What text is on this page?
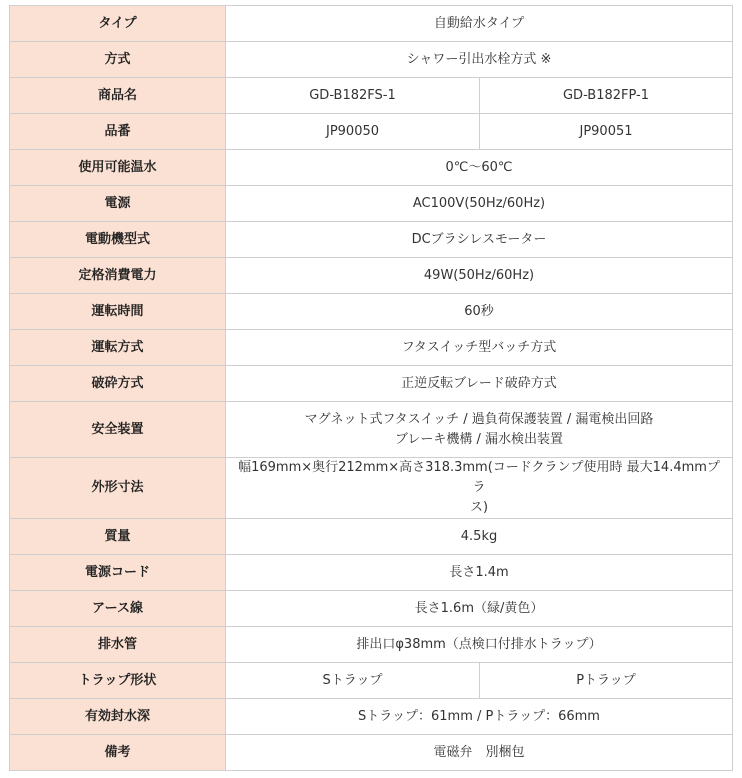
タイプ	自動給水タイプ	
方式	シャワー引出水栓方式 ※	
商品名	GD-B182FS-1	GD-B182FP-1
品番	JP90050	JP90051
使用可能温水	0℃～60℃	
電源	AC100V(50Hz/60Hz)	
電動機型式	DCブラシレスモーター	
定格消費電力	49W(50Hz/60Hz)	
運転時間	60秒	
運転方式	フタスイッチ型バッチ方式	
破砕方式	正逆反転ブレード破砕方式	
安全装置	マグネット式フタスイッチ / 過負荷保護装置 / 漏電検出回路
ブレーキ機構 / 漏水検出装置	

外形寸法	幅169mm×奥行212mm×高さ318.3mm(コードクランプ使用時 最大14.4mmプラ
ス)	

質量	4.5kg	
電源コード	長さ1.4m	
アース線	長さ1.6m（緑/黄色）	
排水管	排出口φ38mm（点検口付排水トラップ）	
トラップ形状	Sトラップ	Pトラップ
有効封水深	Sトラップ：61mm / Pトラップ：66mm	
備考	電磁弁　別梱包	
